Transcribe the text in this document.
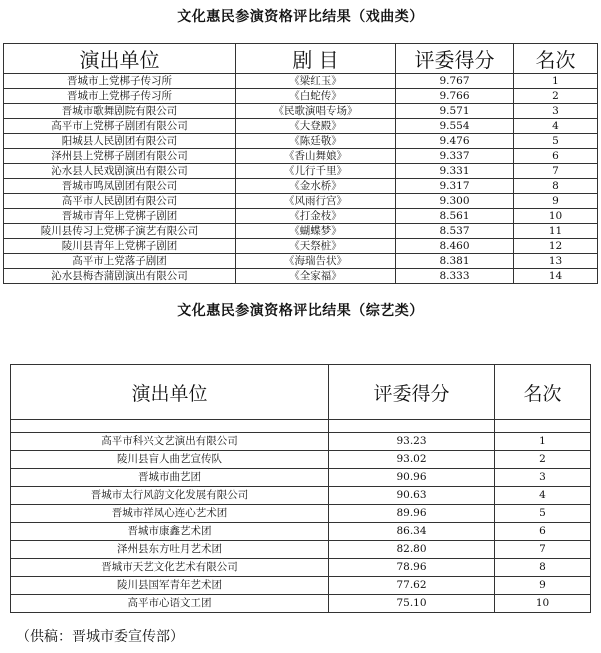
文化惠民参演资格评比结果（戏曲类）
演出单位	剧 目	评委得分	名次
晋城市上党梆子传习所	《梁红玉》	9.767	1
晋城市上党梆子传习所	《白蛇传》	9.766	2
晋城市歌舞剧院有限公司	《民歌演唱专场》	9.571	3
高平市上党梆子剧团有限公司	《大登殿》	9.554	4
阳城县人民剧团有限公司	《陈廷敬》	9.476	5
泽州县上党梆子剧团有限公司	《香山舞娘》	9.337	6
沁水县人民戏剧演出有限公司	《儿行千里》	9.331	7
晋城市鸣凤剧团有限公司	《金水桥》	9.317	8
高平市人民剧团有限公司	《风雨行宫》	9.300	9
晋城市青年上党梆子剧团	《打金枝》	8.561	10
陵川县传习上党梆子演艺有限公司	《蝴蝶梦》	8.537	11
陵川县青年上党梆子剧团	《天祭桩》	8.460	12
高平市上党落子剧团	《海瑞告状》	8.381	13
沁水县梅杏蒲剧演出有限公司	《全家福》	8.333	14
文化惠民参演资格评比结果（综艺类）
演出单位	评委得分	名次

高平市科兴文艺演出有限公司	93.23	1
陵川县盲人曲艺宣传队	93.02	2
晋城市曲艺团	90.96	3
晋城市太行风韵文化发展有限公司	90.63	4
晋城市祥凤心连心艺术团	89.96	5
晋城市康鑫艺术团	86.34	6
泽州县东方吐月艺术团	82.80	7
晋城市天艺文化艺术有限公司	78.96	8
陵川县国军青年艺术团	77.62	9
高平市心语文工团	75.10	10
（供稿：晋城市委宣传部）
